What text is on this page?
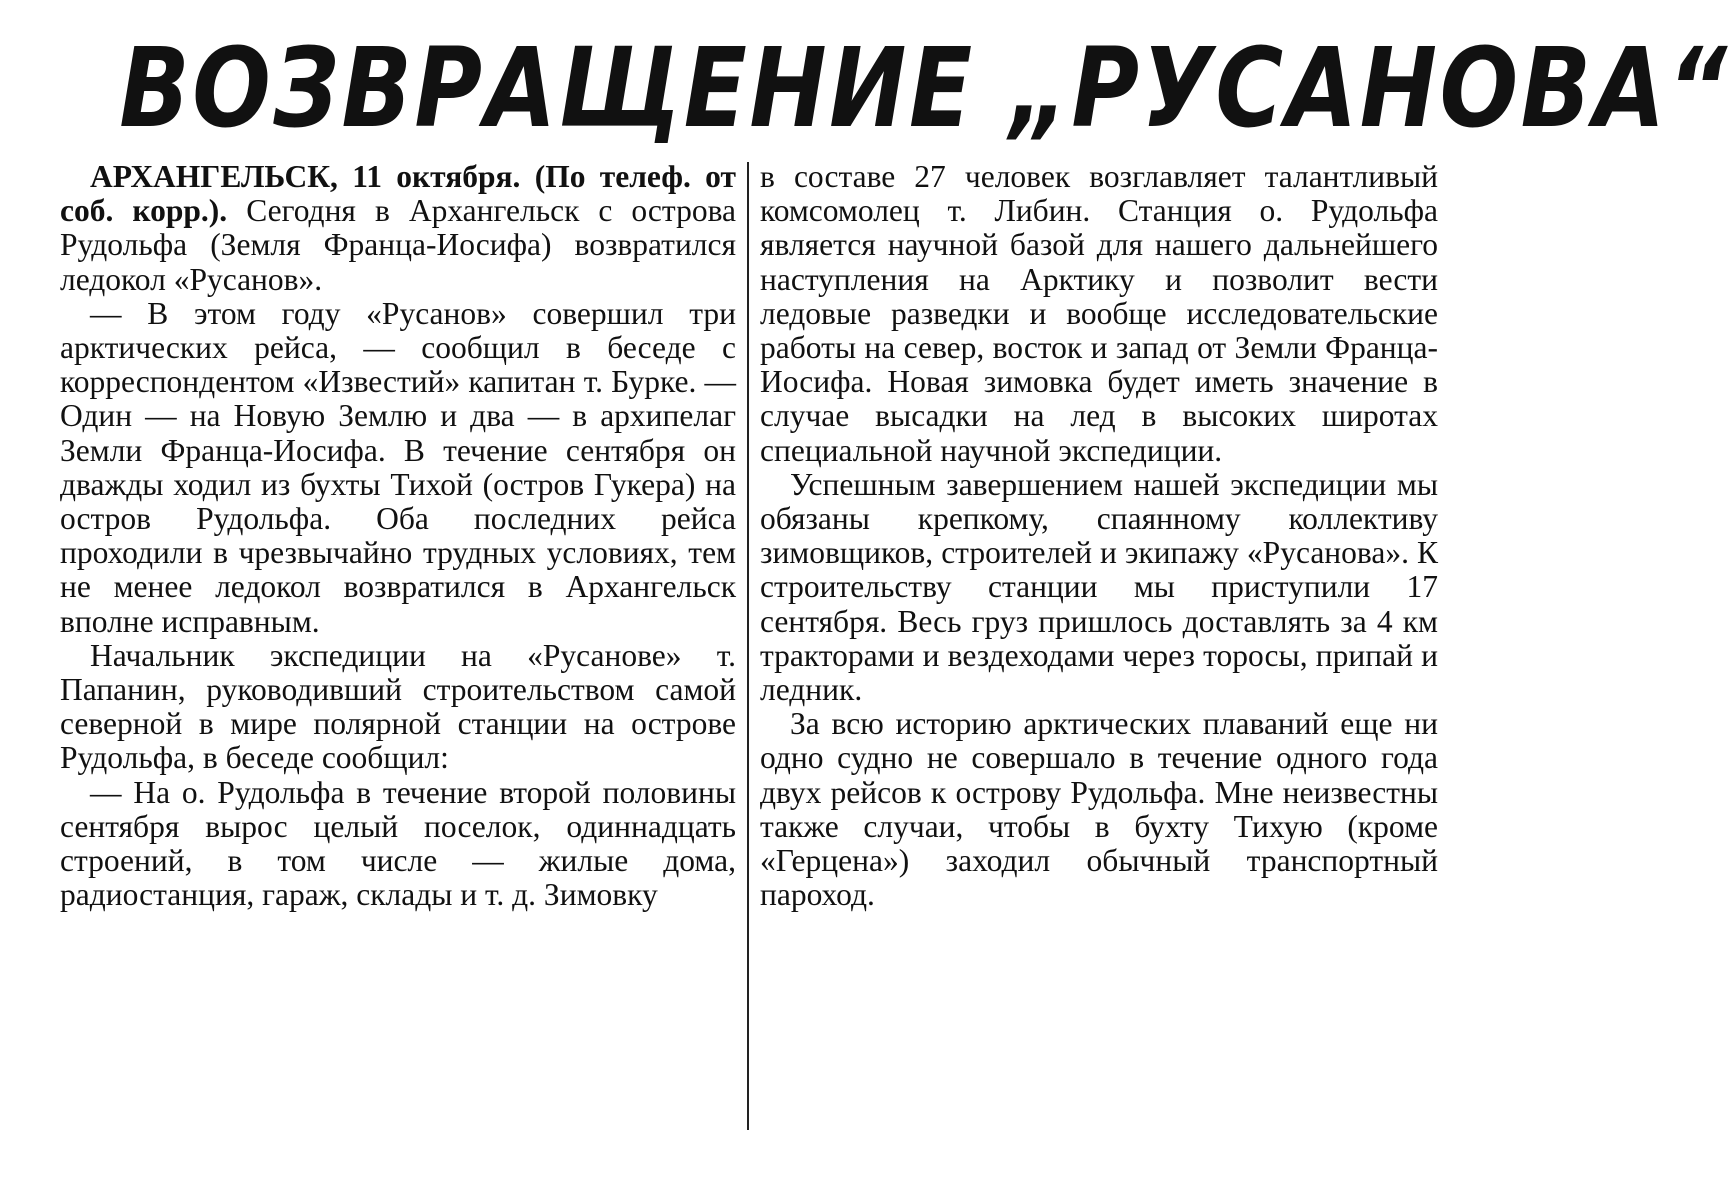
ВОЗВРАЩЕНИЕ „РУСАНОВА“

АРХАНГЕЛЬСК, 11 октября. (По телеф. от соб. корр.). Сегодня в Архангельск с острова Рудольфа (Земля Франца-Иосифа) возвратился ледокол «Русанов».

— В этом году «Русанов» совершил три арктических рейса, — сообщил в беседе с корреспондентом «Известий» капитан т. Бурке. — Один — на Новую Землю и два — в архипелаг Земли Франца-Иосифа. В течение сентября он дважды ходил из бухты Тихой (остров Гукера) на остров Рудольфа. Оба последних рейса проходили в чрезвычайно трудных условиях, тем не менее ледокол возвратился в Архангельск вполне исправным.

Начальник экспедиции на «Русанове» т. Папанин, руководивший строительством самой северной в мире полярной станции на острове Рудольфа, в беседе сообщил:

— На о. Рудольфа в течение второй половины сентября вырос целый поселок, одиннадцать строений, в том числе — жилые дома, радиостанция, гараж, склады и т. д. Зимовку

в составе 27 человек возглавляет талантливый комсомолец т. Либин. Станция о. Рудольфа является научной базой для нашего дальнейшего наступления на Арктику и позволит вести ледовые разведки и вообще исследовательские работы на север, восток и запад от Земли Франца-Иосифа. Новая зимовка будет иметь значение в случае высадки на лед в высоких широтах специальной научной экспедиции.

Успешным завершением нашей экспедиции мы обязаны крепкому, спаянному коллективу зимовщиков, строителей и экипажу «Русанова». К строительству станции мы приступили 17 сентября. Весь груз пришлось доставлять за 4 км тракторами и вездеходами через торосы, припай и ледник.

За всю историю арктических плаваний еще ни одно судно не совершало в течение одного года двух рейсов к острову Рудольфа. Мне неизвестны также случаи, чтобы в бухту Тихую (кроме «Герцена») заходил обычный транспортный пароход.
